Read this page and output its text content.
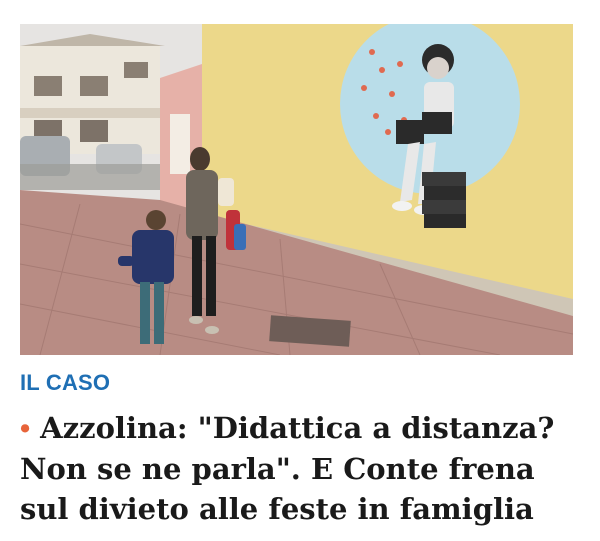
IL CASO
• Azzolina: "Didattica a distanza? Non se ne parla". E Conte frena sul divieto alle feste in famiglia
